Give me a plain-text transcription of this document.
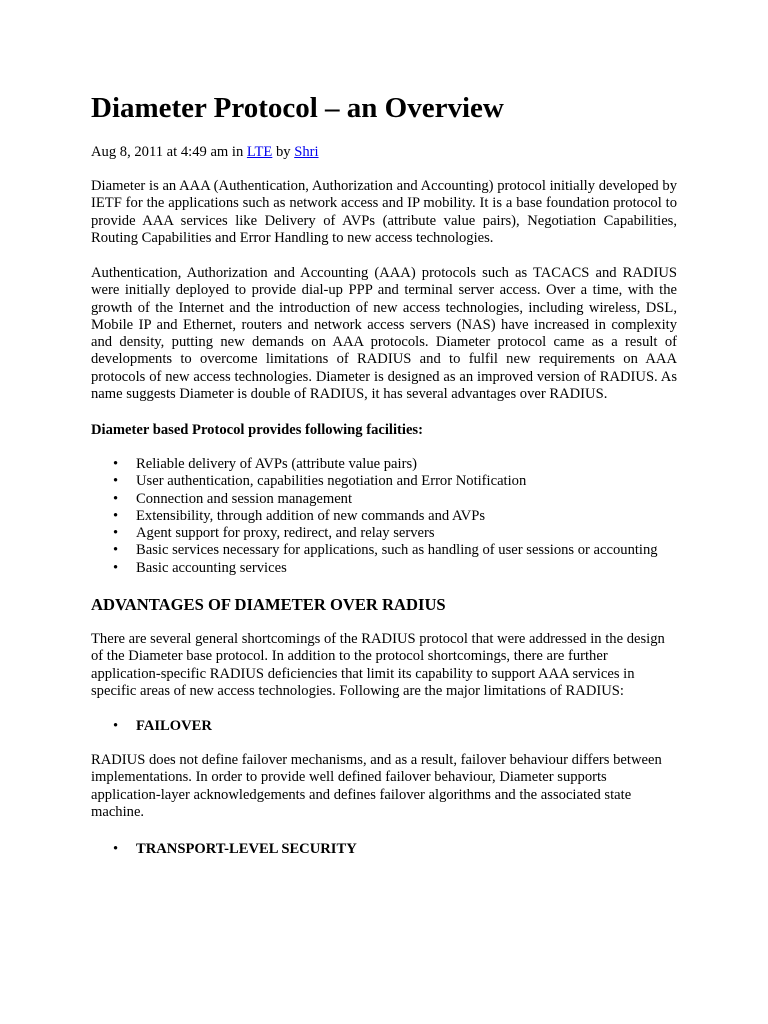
Diameter Protocol – an Overview

Aug 8, 2011 at 4:49 am in LTE by Shri

Diameter is an AAA (Authentication, Authorization and Accounting) protocol initially developed by IETF for the applications such as network access and IP mobility. It is a base foundation protocol to provide AAA services like Delivery of AVPs (attribute value pairs), Negotiation Capabilities, Routing Capabilities and Error Handling to new access technologies.

Authentication, Authorization and Accounting (AAA) protocols such as TACACS and RADIUS were initially deployed to provide dial-up PPP and terminal server access. Over a time, with the growth of the Internet and the introduction of new access technologies, including wireless, DSL, Mobile IP and Ethernet, routers and network access servers (NAS) have increased in complexity and density, putting new demands on AAA protocols. Diameter protocol came as a result of developments to overcome limitations of RADIUS and to fulfil new requirements on AAA protocols of new access technologies. Diameter is designed as an improved version of RADIUS. As name suggests Diameter is double of RADIUS, it has several advantages over RADIUS.

Diameter based Protocol provides following facilities:

• Reliable delivery of AVPs (attribute value pairs)
• User authentication, capabilities negotiation and Error Notification
• Connection and session management
• Extensibility, through addition of new commands and AVPs
• Agent support for proxy, redirect, and relay servers
• Basic services necessary for applications, such as handling of user sessions or accounting
• Basic accounting services
ADVANTAGES OF DIAMETER OVER RADIUS

There are several general shortcomings of the RADIUS protocol that were addressed in the design of the Diameter base protocol. In addition to the protocol shortcomings, there are further application-specific RADIUS deficiencies that limit its capability to support AAA services in specific areas of new access technologies. Following are the major limitations of RADIUS:

• FAILOVER

RADIUS does not define failover mechanisms, and as a result, failover behaviour differs between implementations. In order to provide well defined failover behaviour, Diameter supports application-layer acknowledgements and defines failover algorithms and the associated state machine.

• TRANSPORT-LEVEL SECURITY
